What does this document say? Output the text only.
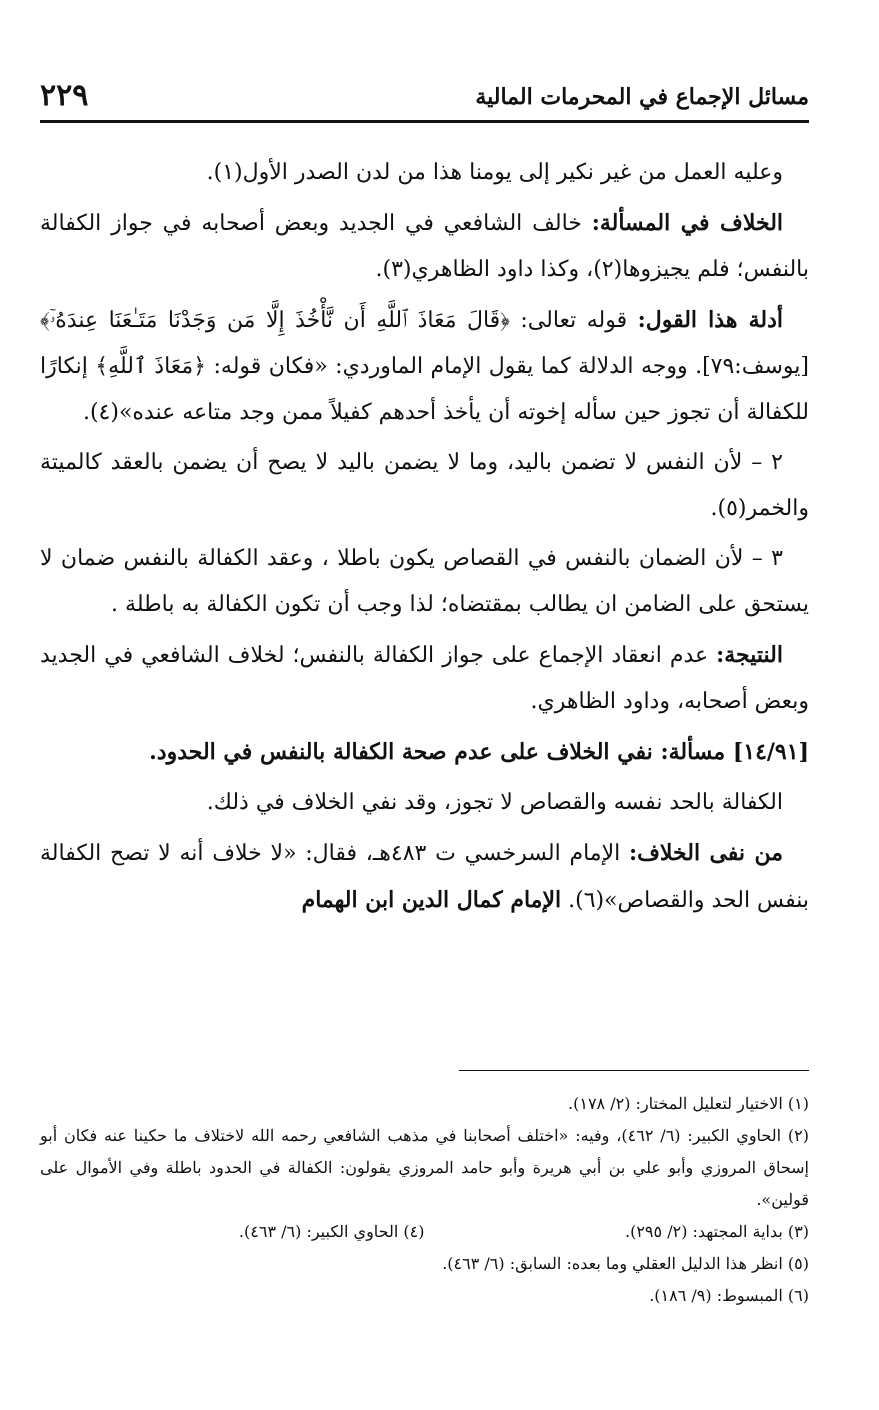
مسائل الإجماع في المحرمات المالية
٢٢٩

وعليه العمل من غير نكير إلى يومنا هذا من لدن الصدر الأول(١).

الخلاف في المسألة: خالف الشافعي في الجديد وبعض أصحابه في جواز الكفالة بالنفس؛ فلم يجيزوها(٢)، وكذا داود الظاهري(٣).

أدلة هذا القول: قوله تعالى: ﴿قَالَ مَعَاذَ ٱللَّهِ أَن نَّأْخُذَ إِلَّا مَن وَجَدْنَا مَتَـٰعَنَا عِندَهُۥٓ﴾ [يوسف:٧٩]. ووجه الدلالة كما يقول الإمام الماوردي: «فكان قوله: ﴿مَعَاذَ ٱللَّهِ﴾ إنكارًا للكفالة أن تجوز حين سأله إخوته أن يأخذ أحدهم كفيلاً ممن وجد متاعه عنده»(٤).

٢ – لأن النفس لا تضمن باليد، وما لا يضمن باليد لا يصح أن يضمن بالعقد كالميتة والخمر(٥).

٣ – لأن الضمان بالنفس في القصاص يكون باطلا ، وعقد الكفالة بالنفس ضمان لا يستحق على الضامن ان يطالب بمقتضاه؛ لذا وجب أن تكون الكفالة به باطلة .

النتيجة: عدم انعقاد الإجماع على جواز الكفالة بالنفس؛ لخلاف الشافعي في الجديد وبعض أصحابه، وداود الظاهري.

[١٤/٩١] مسألة: نفي الخلاف على عدم صحة الكفالة بالنفس في الحدود.

الكفالة بالحد نفسه والقصاص لا تجوز، وقد نفي الخلاف في ذلك.

من نفى الخلاف: الإمام السرخسي ت ٤٨٣هـ، فقال: «لا خلاف أنه لا تصح الكفالة بنفس الحد والقصاص»(٦). الإمام كمال الدين ابن الهمام

(١) الاختيار لتعليل المختار: (٢/ ١٧٨).

(٢) الحاوي الكبير: (٦/ ٤٦٢)، وفيه: «اختلف أصحابنا في مذهب الشافعي رحمه الله لاختلاف ما حكينا عنه فكان أبو إسحاق المروزي وأبو علي بن أبي هريرة وأبو حامد المروزي يقولون: الكفالة في الحدود باطلة وفي الأموال على قولين».

(٣) بداية المجتهد: (٢/ ٢٩٥).

(٤) الحاوي الكبير: (٦/ ٤٦٣).

(٥) انظر هذا الدليل العقلي وما بعده: السابق: (٦/ ٤٦٣).

(٦) المبسوط: (٩/ ١٨٦).
